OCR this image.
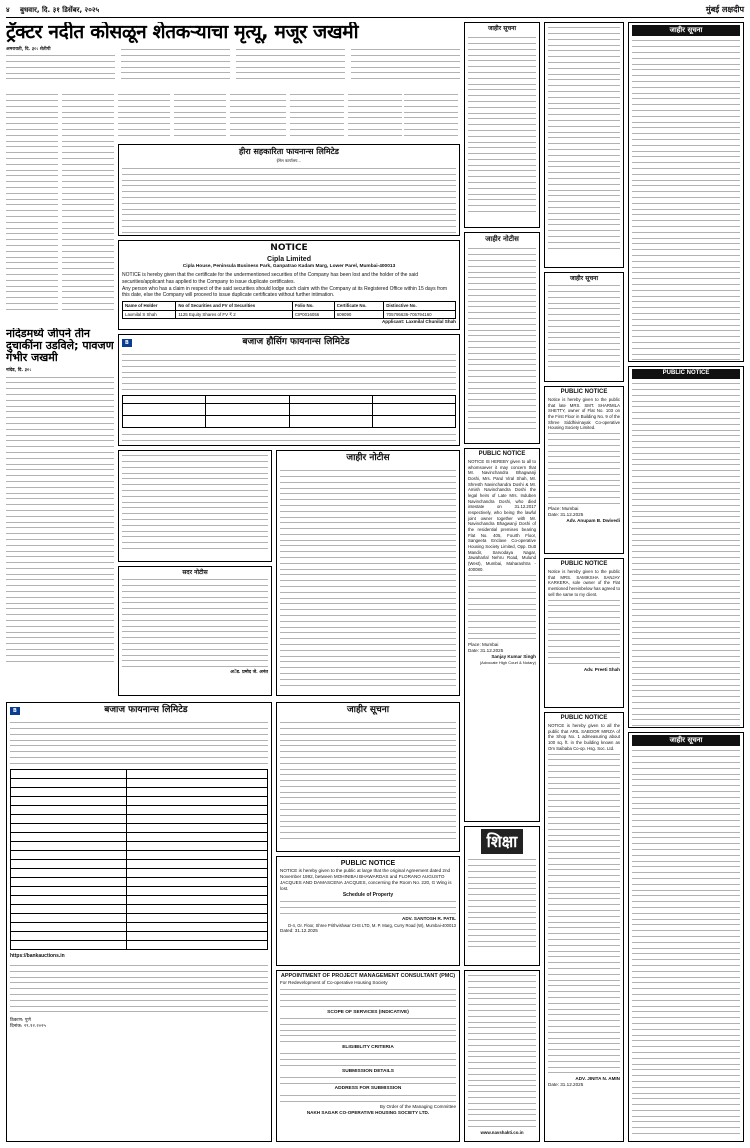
४	बुधवार, दि. ३१ डिसेंबर, २०२५	मुंबई लक्षदीप
ट्रॅक्टर नदीत कोसळून शेतकऱ्याचा मृत्यू, मजूर जखमी
अमरावती, दि. ३०: शेतीपी
नांदेडमध्ये जीपने तीन दुचाकींना उडविले; पावजण गंभीर जखमी
नांदेड, दि. ३०:
हीरा सहकारिता फायनान्स लिमिटेड
ईमेल कार्यालय...
NOTICE
Cipla Limited
Cipla House, Peninsula Business Park, Ganpatrao Kadam Marg, Lower Parel, Mumbai-400013
NOTICE is hereby given that the certificate for the undermentioned securities of the Company has been lost and the holder of the said securities/applicant has applied to the Company to issue duplicate certificates.
Any person who has a claim in respect of the said securities should lodge such claim with the Company at its Registered Office within 15 days from this date, else the Company will proceed to issue duplicate certificates without further intimation.
Name of Holder	No of Securities and FV of Securities	Folio No.	Certificate No.	Distinctive No.
Laxmilal S Shah	1125 Equity Shares of FV ₹ 2	CIP0016056	609090	705795636-705794160
Applicant: Laxmilal Chunilal Shah
B	बजाज हौसिंग फायनान्स लिमिटेड

सदर नोटीस
अॅड. प्रमोद जे. अनंत
जाहीर नोटीस
B	बजाज फायनान्स लिमिटेड

https://bankauctions.in
ठिकाण: पुणे
दिनांक: २९.१२.२०२५
जाहीर सूचना
PUBLIC NOTICE
NOTICE is hereby given to the public at large that the original Agreement dated 2nd November 1992, between MOHINIBAI BHAWARDAS and FLORANO AUGUSTO JACQUES AND DAMASCENA JACQUES, concerning the Room No. 220, G Wing is lost.
Schedule of Property
ADV. SANTOSH R. PATIL
D-4, Gr. Floor, Shree Prithvishwar CHS LTD, M. P. Marg, Curry Road (W), Mumbai-400013
Dated: 31.12.2025
APPOINTMENT OF PROJECT MANAGEMENT CONSULTANT (PMC)
For Redevelopment of Co-operative Housing Society
SCOPE OF SERVICES (INDICATIVE)
ELIGIBILITY CRITERIA
SUBMISSION DETAILS
ADDRESS FOR SUBMISSION
By Order of the Managing Committee
NAKH SAGAR CO-OPERATIVE HOUSING SOCIETY LTD.
जाहीर सूचना
जाहीर नोटीस
PUBLIC NOTICE
NOTICE IS HEREBY given to all to whomsoever it may concern that Mr. Navinchandra Bhagwanji Doshi, Mrs. Parul Viral Shah, Mr. Shresth Navinchandra Doshi & Mr. Amish Navinchandra Doshi the legal heirs of Late Mrs. Induben Navinchandra Doshi, who died intestate on 31.12.2017 respectively, who being the lawful joint owner together with Mr. Navinchandra Bhagwanji Doshi of the residential premises bearing Flat No. 405, Fourth Floor, Sangeeta Enclave Co-operative Housing Society Limited, Opp. Dutt Mandir, Sarvodaya Nagar, Jawaharlal Nehru Road, Mulund (West), Mumbai, Maharashtra - 400080.
Place: Mumbai
Date: 31.12.2025
Sanjay Kumar Singh
(Advocate High Court & Notary)
शिक्षा
www.navshakti.co.in
जाहीर सूचना
PUBLIC NOTICE
Notice is hereby given to the public that late MRS. SMT. SHARMILA SHETTY, owner of Flat No. 103 on the First Floor in Building No. 9 of the Shree Siddhivinayak Co-operative Housing Society Limited.
Place: Mumbai
Date: 31.12.2025
Adv. Anupam B. Dwivedi
PUBLIC NOTICE
Notice is hereby given to the public that MRS. SAMIKSHA SANJAY KARKERA, sole owner of the Flat mentioned hereinbelow has agreed to sell the same to my client.
Adv. Preeti Shah
PUBLIC NOTICE
NOTICE is hereby given to all the public that ARIL SABOOR MIRZA of the Shop No. 1 admeasuring about 100 sq. ft. in the building known as Om Saibaba Co-op. Hsg. Soc. Ltd.
ADV. JINITA N. AMIN
Date: 31.12.2025
जाहीर सूचना
PUBLIC NOTICE
जाहीर सूचना
